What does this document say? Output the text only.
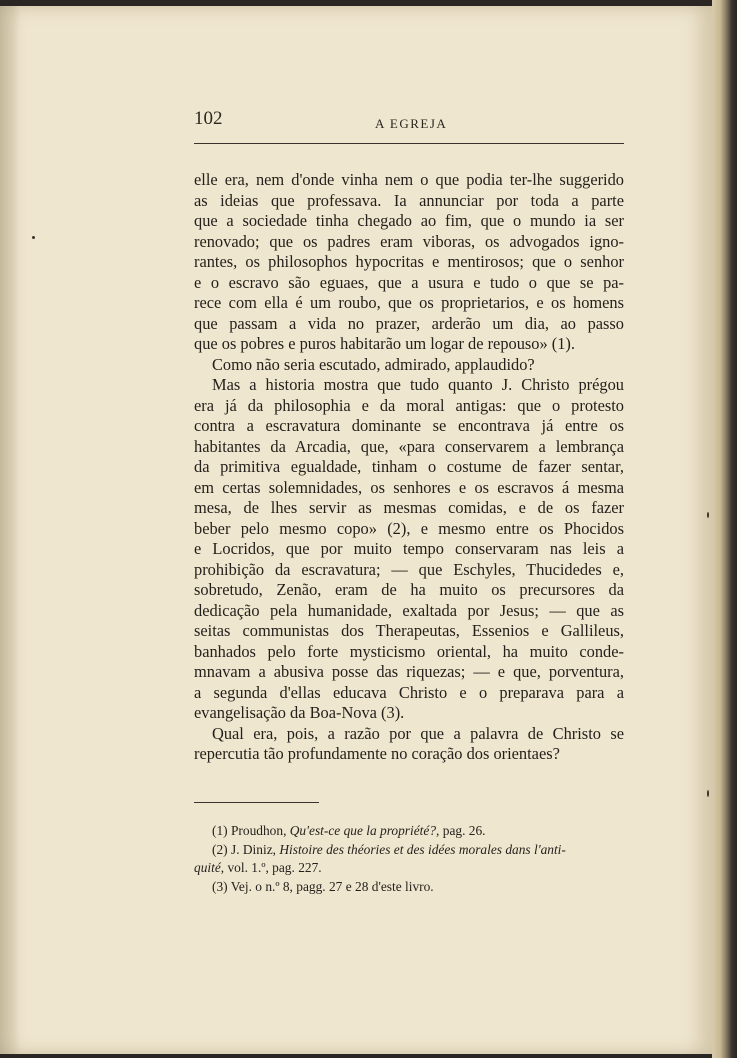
102	A EGREJA
elle era, nem d'onde vinha nem o que podia ter-lhe suggerido
as ideias que professava. Ia annunciar por toda a parte
que a sociedade tinha chegado ao fim, que o mundo ia ser
renovado; que os padres eram viboras, os advogados igno-
rantes, os philosophos hypocritas e mentirosos; que o senhor
e o escravo são eguaes, que a usura e tudo o que se pa-
rece com ella é um roubo, que os proprietarios, e os homens
que passam a vida no prazer, arderão um dia, ao passo
que os pobres e puros habitarão um logar de repouso» (1).
Como não seria escutado, admirado, applaudido?
Mas a historia mostra que tudo quanto J. Christo prégou
era já da philosophia e da moral antigas: que o protesto
contra a escravatura dominante se encontrava já entre os
habitantes da Arcadia, que, «para conservarem a lembrança
da primitiva egualdade, tinham o costume de fazer sentar,
em certas solemnidades, os senhores e os escravos á mesma
mesa, de lhes servir as mesmas comidas, e de os fazer
beber pelo mesmo copo» (2), e mesmo entre os Phocidos
e Locridos, que por muito tempo conservaram nas leis a
prohibição da escravatura; — que Eschyles, Thucidedes e,
sobretudo, Zenão, eram de ha muito os precursores da
dedicação pela humanidade, exaltada por Jesus; — que as
seitas communistas dos Therapeutas, Essenios e Gallileus,
banhados pelo forte mysticismo oriental, ha muito conde-
mnavam a abusiva posse das riquezas; — e que, porventura,
a segunda d'ellas educava Christo e o preparava para a
evangelisação da Boa-Nova (3).
Qual era, pois, a razão por que a palavra de Christo se
repercutia tão profundamente no coração dos orientaes?
(1) Proudhon, Qu'est-ce que la propriété?, pag. 26.
(2) J. Diniz, Histoire des théories et des idées morales dans l'anti-
quité, vol. 1.º, pag. 227.
(3) Vej. o n.º 8, pagg. 27 e 28 d'este livro.
